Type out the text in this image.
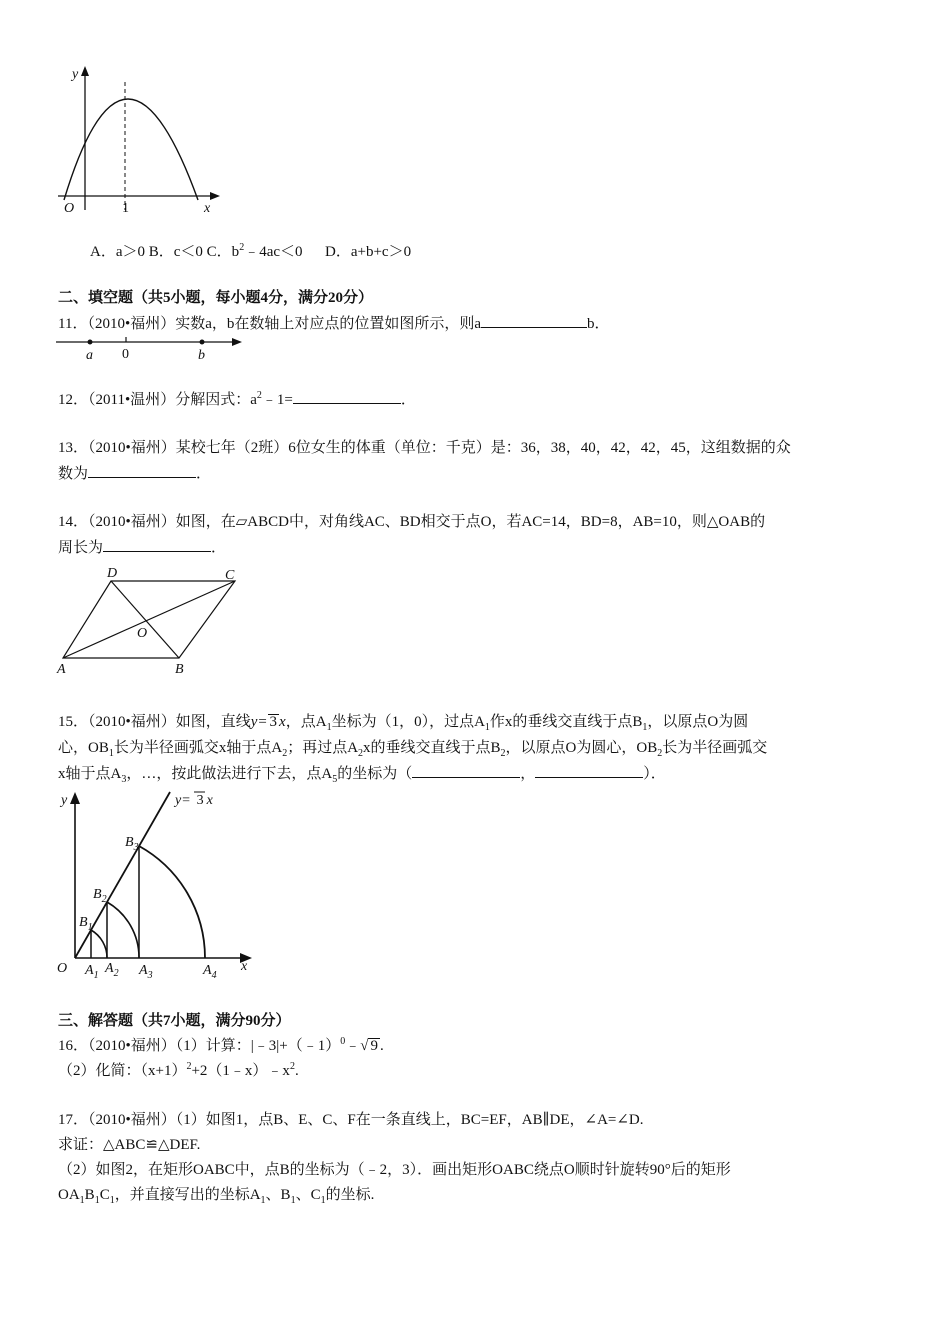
y
O	1	x
A．a＞0 B．c＜0 C．$b^2﹣4ac<0$ D．a+b+c＞0
二、填空题（共5小题，每小题4分，满分20分）
11．（2010•福州）实数a，b在数轴上对应点的位置如图所示，则a	b．
a 0	b
12．（2011•温州）分解因式：$a^2﹣1=$	．
13．（2010•福州）某校七年（2班）6位女生的体重（单位：千克）是：36，38，40，42，42，45，这组数据的众
数为	．
14．（2010•福州）如图，在▱ABCD中，对角线AC、BD相交于点O，若AC=14，BD=8，AB=10，则△OAB的
周长为	．
D	C
O
A	B
15．（2010•福州）如图，直线y= 3 x，点$A_1$坐标为（1，0），过点$A_1$作x的垂线交直线于点$B_1$，以原点O为圆
心，$OB_1$长为半径画弧交x轴于点$A_2$；再过点$A_2x$的垂线交直线于点$B_2$，以原点O为圆心，$OB_2$长为半径画弧交
x轴于点$A_3$，…，按此做法进行下去，点$A_5$的坐标为（	，	）．
y	y= 3 x
$B_3$
$B_2$
$B_1$
O $A_1$ $A_2$ $A_3$	$A_4$
x
三、解答题（共7小题，满分90分）
16．（2010•福州）（1）计算：|﹣3|+（﹣1）$^0$﹣√ 9 .
（2）化简：$(x+1)^2+2(1﹣x)﹣x^2$.
17．（2010•福州）（1）如图1，点B、E、C、F在一条直线上，BC=EF，AB∥DE，∠A=∠D.
求证：△ABC≌△DEF.
（2）如图2，在矩形OABC中，点B的坐标为（﹣2，3）．画出矩形OABC绕点O顺时针旋转90°后的矩形
$OA_1B_1C_1$，并直接写出的坐标$A_1$、$B_1$、$C_1$的坐标.
